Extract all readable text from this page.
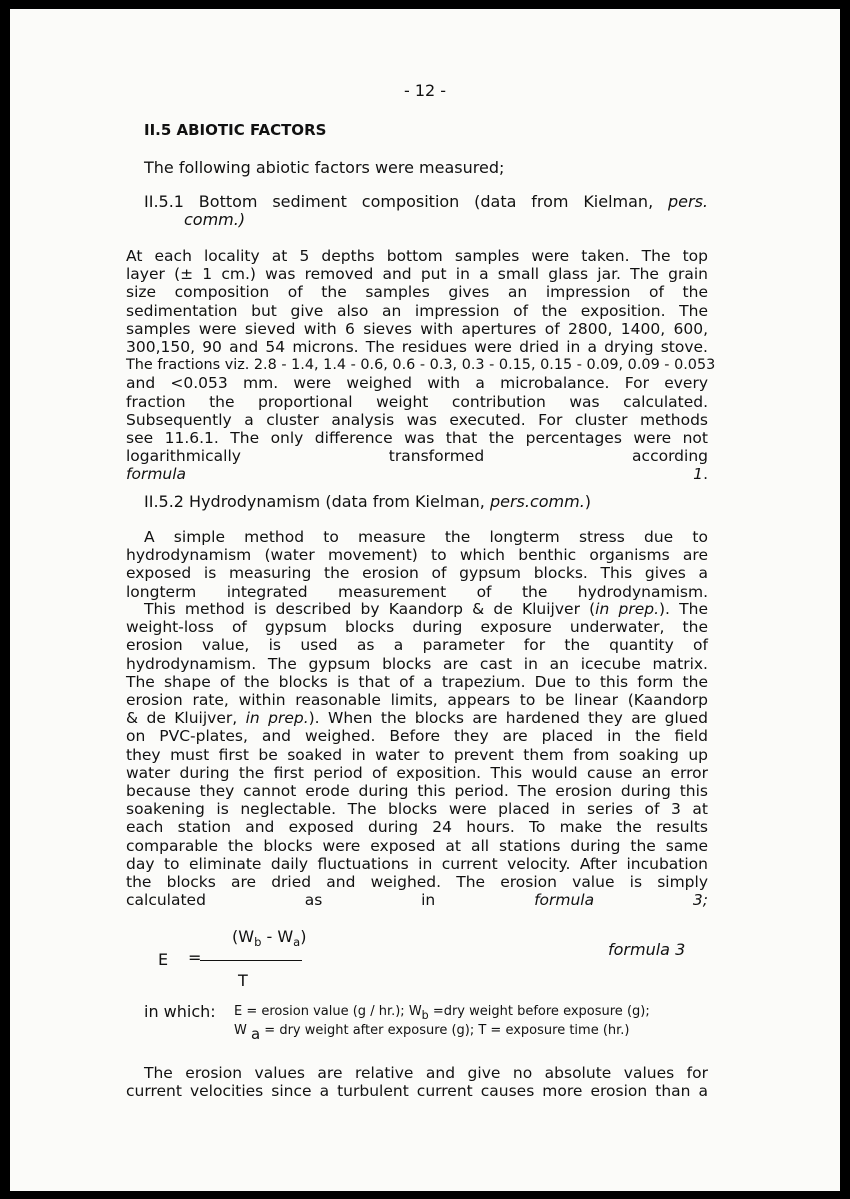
- 12 -
II.5 ABIOTIC FACTORS
The following abiotic factors were measured;
II.5.1 Bottom sediment composition (data from Kielman, pers.
comm.)
At each locality at 5 depths bottom samples were taken. The top
layer (± 1 cm.) was removed and put in a small glass jar. The grain
size composition of the samples gives an impression of the
sedimentation but give also an impression of the exposition. The
samples were sieved with 6 sieves with apertures of 2800, 1400, 600,
300,150, 90 and 54 microns. The residues were dried in a drying stove.
The fractions viz. 2.8 - 1.4, 1.4 - 0.6, 0.6 - 0.3, 0.3 - 0.15, 0.15 - 0.09, 0.09 - 0.053
and <0.053 mm. were weighed with a microbalance. For every
fraction the proportional weight contribution was calculated.
Subsequently a cluster analysis was executed. For cluster methods
see 11.6.1. The only difference was that the percentages were not
logarithmically transformed according
formula 1.
II.5.2 Hydrodynamism (data from Kielman, pers.comm.)
A simple method to measure the longterm stress due to
hydrodynamism (water movement) to which benthic organisms are
exposed is measuring the erosion of gypsum blocks. This gives a
longterm integrated measurement of the hydrodynamism.
This method is described by Kaandorp & de Kluijver (in prep.). The
weight-loss of gypsum blocks during exposure underwater, the
erosion value, is used as a parameter for the quantity of
hydrodynamism. The gypsum blocks are cast in an icecube matrix.
The shape of the blocks is that of a trapezium. Due to this form the
erosion rate, within reasonable limits, appears to be linear (Kaandorp
& de Kluijver, in prep.). When the blocks are hardened they are glued
on PVC-plates, and weighed. Before they are placed in the field
they must first be soaked in water to prevent them from soaking up
water during the first period of exposition. This would cause an error
because they cannot erode during this period. The erosion during this
soakening is neglectable. The blocks were placed in series of 3 at
each station and exposed during 24 hours. To make the results
comparable the blocks were exposed at all stations during the same
day to eliminate daily fluctuations in current velocity. After incubation
the blocks are dried and weighed. The erosion value is simply
calculated as in	formula 3;
$(W_b - W_a)$
E =
T
formula 3
in which: E = erosion value (g / hr.); $W_b =dry$ weight before exposure (g);
W $_a$ = dry weight after exposure (g); T = exposure time (hr.)
The erosion values are relative and give no absolute values for
current velocities since a turbulent current causes more erosion than a
